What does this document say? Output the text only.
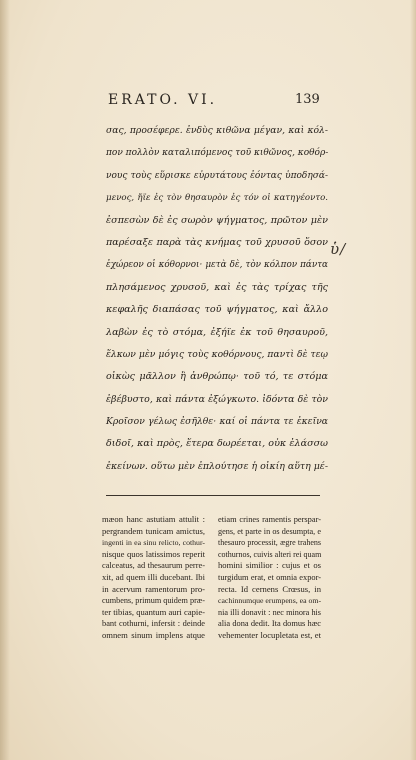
ERATO. VI.	139
σας, προσέφερε. ἐνδὺς κιθῶνα μέγαν, καὶ κόλ-
πον πολλὸν καταλιπόμενος τοῦ κιθῶνος, κοθόρ-
νους τοὺς εὕρισκε εὐρυτάτους ἐόντας ὑποδησά-
μενος, ἤϊε ἐς τὸν θησαυρὸν ἐς τόν οἱ κατηγέοντο.
ἐσπεσὼν δὲ ἐς σωρὸν ψήγματος, πρῶτον μὲν
παρέσαξε παρὰ τὰς κνήμας τοῦ χρυσοῦ ὅσον
ἐχώρεον οἱ κόθορνοι· μετὰ δὲ, τὸν κόλπον πάντα
πλησάμενος χρυσοῦ, καὶ ἐς τὰς τρίχας τῆς
κεφαλῆς διαπάσας τοῦ ψήγματος, καὶ ἄλλο
λαβὼν ἐς τὸ στόμα, ἐξήϊε ἐκ τοῦ θησαυροῦ,
ἕλκων μὲν μόγις τοὺς κοθόρνους, παντὶ δὲ τεῳ
οἰκὼς μᾶλλον ἢ ἀνθρώπῳ· τοῦ τό, τε στόμα
ἐβέβυστο, καὶ πάντα ἐξώγκωτο. ἰδόντα δὲ τὸν
Κροῖσον γέλως ἐσῆλθε· καί οἱ πάντα τε ἐκεῖνα
διδοῖ, καὶ πρὸς, ἕτερα δωρέεται, οὐκ ἐλάσσω
ἐκείνων. οὕτω μὲν ἐπλούτησε ἡ οἰκίη αὕτη μέ-
ὑ/
mæon hanc astutiam attulit :
pergrandem tunicam amictus,
ingenti in ea sinu relicto, cothur-
nisque quos latissimos reperit
calceatus, ad thesaurum perre-
xit, ad quem illi ducebant. Ibi
in acervum ramentorum pro-
cumbens, primum quidem præ-
ter tibias, quantum auri capie-
bant cothurni, infersit : deinde
omnem sinum implens atque
etiam crines ramentis perspar-
gens, et parte in os desumpta, e
thesauro processit, ægre trahens
cothurnos, cuivis alteri rei quam
homini similior : cujus et os
turgidum erat, et omnia expor-
recta. Id cernens Crœsus, in
cachinnumque erumpens, ea om-
nia illi donavit : nec minora his
alia dona dedit. Ita domus hæc
vehementer locupletata est, et
